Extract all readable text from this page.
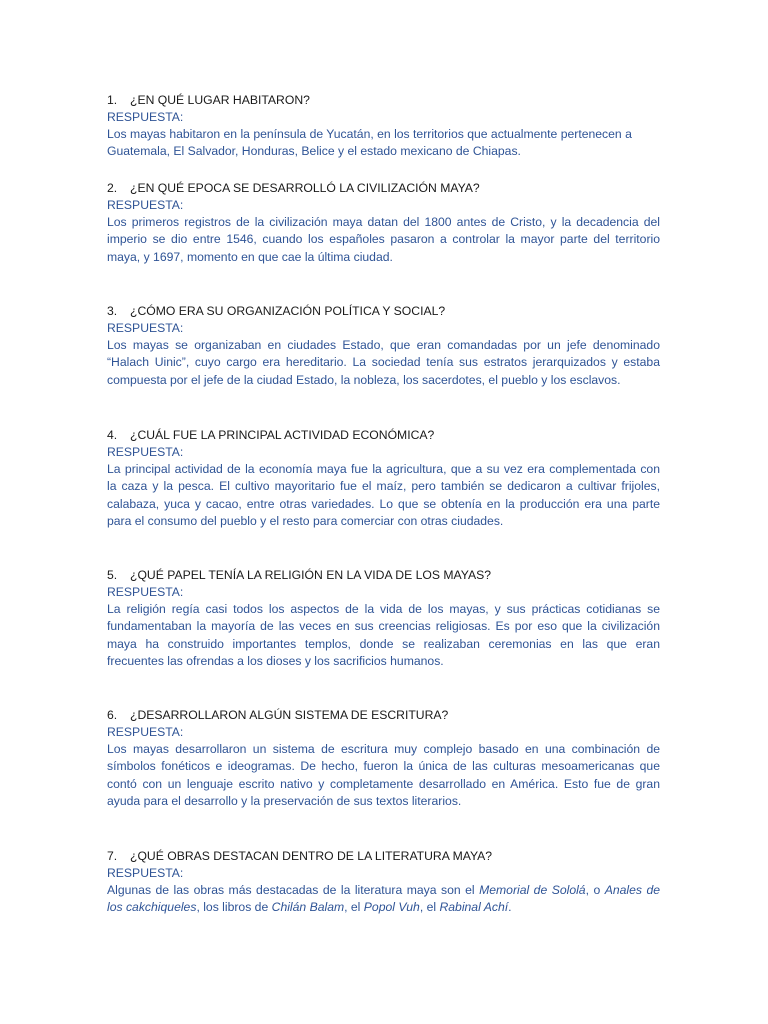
1. ¿EN QUÉ LUGAR HABITARON?
RESPUESTA:
Los mayas habitaron en la península de Yucatán, en los territorios que actualmente pertenecen a
Guatemala, El Salvador, Honduras, Belice y el estado mexicano de Chiapas.
2. ¿EN QUÉ EPOCA SE DESARROLLÓ LA CIVILIZACIÓN MAYA?
RESPUESTA:
Los primeros registros de la civilización maya datan del 1800 antes de Cristo, y la decadencia del
imperio se dio entre 1546, cuando los españoles pasaron a controlar la mayor parte del territorio
maya, y 1697, momento en que cae la última ciudad.
3. ¿CÓMO ERA SU ORGANIZACIÓN POLÍTICA Y SOCIAL?
RESPUESTA:
Los mayas se organizaban en ciudades Estado, que eran comandadas por un jefe denominado
“Halach Uinic”, cuyo cargo era hereditario. La sociedad tenía sus estratos jerarquizados y estaba
compuesta por el jefe de la ciudad Estado, la nobleza, los sacerdotes, el pueblo y los esclavos.
4. ¿CUÁL FUE LA PRINCIPAL ACTIVIDAD ECONÓMICA?
RESPUESTA:
La principal actividad de la economía maya fue la agricultura, que a su vez era complementada con
la caza y la pesca. El cultivo mayoritario fue el maíz, pero también se dedicaron a cultivar frijoles,
calabaza, yuca y cacao, entre otras variedades. Lo que se obtenía en la producción era una parte
para el consumo del pueblo y el resto para comerciar con otras ciudades.
5. ¿QUÉ PAPEL TENÍA LA RELIGIÓN EN LA VIDA DE LOS MAYAS?
RESPUESTA:
La religión regía casi todos los aspectos de la vida de los mayas, y sus prácticas cotidianas se
fundamentaban la mayoría de las veces en sus creencias religiosas. Es por eso que la civilización
maya ha construido importantes templos, donde se realizaban ceremonias en las que eran
frecuentes las ofrendas a los dioses y los sacrificios humanos.
6. ¿DESARROLLARON ALGÚN SISTEMA DE ESCRITURA?
RESPUESTA:
Los mayas desarrollaron un sistema de escritura muy complejo basado en una combinación de
símbolos fonéticos e ideogramas. De hecho, fueron la única de las culturas mesoamericanas que
contó con un lenguaje escrito nativo y completamente desarrollado en América. Esto fue de gran
ayuda para el desarrollo y la preservación de sus textos literarios.
7. ¿QUÉ OBRAS DESTACAN DENTRO DE LA LITERATURA MAYA?
RESPUESTA:
Algunas de las obras más destacadas de la literatura maya son el Memorial de Sololá, o Anales de
los cakchiqueles, los libros de Chilán Balam, el Popol Vuh, el Rabinal Achí.
